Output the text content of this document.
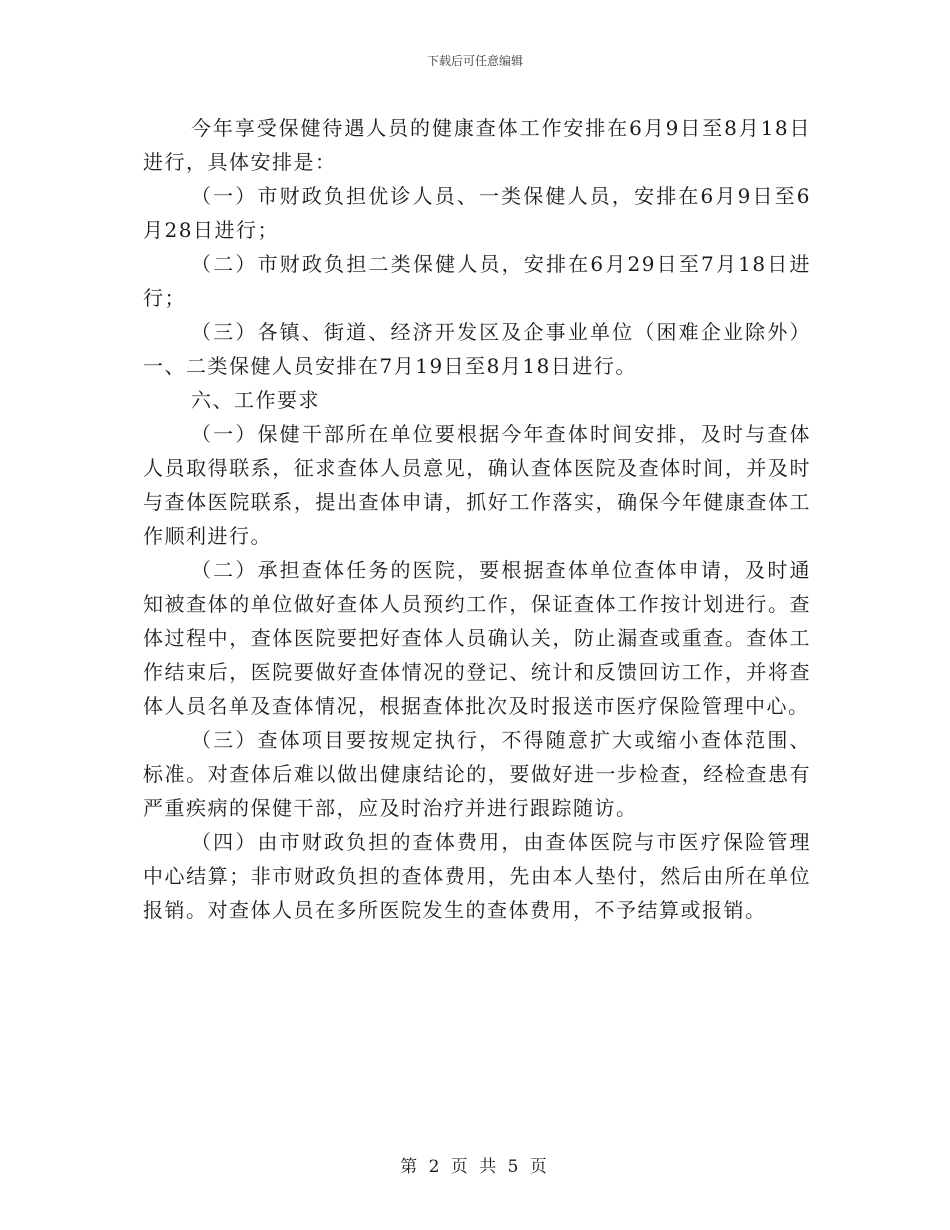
下载后可任意编辑

今年享受保健待遇人员的健康查体工作安排在6月9日至8月18日进行，具体安排是：

（一）市财政负担优诊人员、一类保健人员，安排在6月9日至6月28日进行；

（二）市财政负担二类保健人员，安排在6月29日至7月18日进行；

（三）各镇、街道、经济开发区及企事业单位（困难企业除外）一、二类保健人员安排在7月19日至8月18日进行。

六、工作要求

（一）保健干部所在单位要根据今年查体时间安排，及时与查体人员取得联系，征求查体人员意见，确认查体医院及查体时间，并及时与查体医院联系，提出查体申请，抓好工作落实，确保今年健康查体工作顺利进行。

（二）承担查体任务的医院，要根据查体单位查体申请，及时通知被查体的单位做好查体人员预约工作，保证查体工作按计划进行。查体过程中，查体医院要把好查体人员确认关，防止漏查或重查。查体工作结束后，医院要做好查体情况的登记、统计和反馈回访工作，并将查体人员名单及查体情况，根据查体批次及时报送市医疗保险管理中心。

（三）查体项目要按规定执行，不得随意扩大或缩小查体范围、标准。对查体后难以做出健康结论的，要做好进一步检查，经检查患有严重疾病的保健干部，应及时治疗并进行跟踪随访。

（四）由市财政负担的查体费用，由查体医院与市医疗保险管理中心结算；非市财政负担的查体费用，先由本人垫付，然后由所在单位报销。对查体人员在多所医院发生的查体费用，不予结算或报销。

第 2 页 共 5 页
